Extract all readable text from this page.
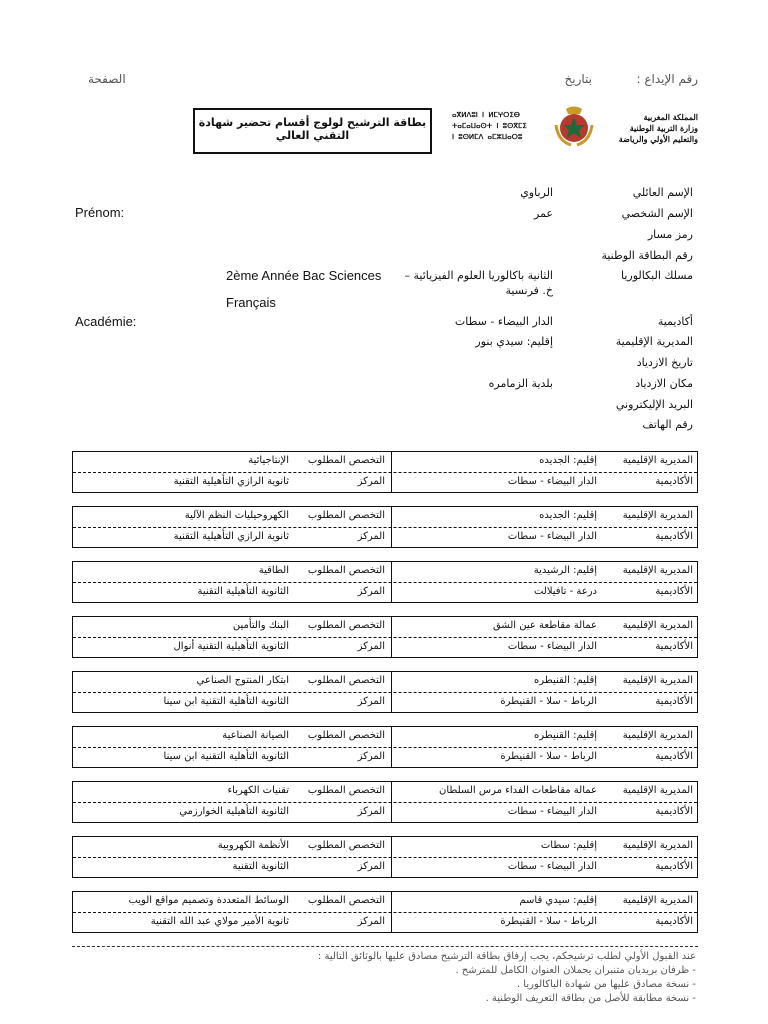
رقم الإيداع :
بتاريخ
الصفحة
بطاقة الترشيح لولوج أقسام تحضير شهادة التقني العالي
ⴰⴳⵍⴷⵓⵏ ⵏ ⵍⵎⵖⵔⵉⴱ
ⵜⴰⵎⴰⵡⴰⵙⵜ ⵏ ⵓⵙⴳⵎⵉ
ⵏ ⵓⵙⵍⵎⴷ ⴰⵎⵣⵡⴰⵔⵓ
المملكة المغربية
وزارة التربية الوطنية
والتعليم الأولي والرياضة
الإسم العائلي
الإسم الشخصي
رمز مسار
رقم البطاقة الوطنية
مسلك البكالوريا
أكاديمية
المديرية الإقليمية
تاريخ الازدياد
مكان الازدياد
البريد الإليكتروني
رقم الهاتف
الرباوي
عمر
الثانية باكالوريا العلوم الفيزيائية – خ. فرنسية
الدار البيضاء - سطات
إقليم: سيدي بنور
بلدية الزمامره
Prénom:
2ème Année Bac Sciences
Français
Académie:
المديرية الإقليمية
إقليم: الجديده
الأكاديمية
الدار البيضاء - سطات
التخصص المطلوب
الإنتاجيائية
المركز
ثانوية الرازي التأهيلية التقنية
المديرية الإقليمية
إقليم: الجديده
الأكاديمية
الدار البيضاء - سطات
التخصص المطلوب
الكهروحيليات النظم الآلية
المركز
ثانوية الرازي التأهيلية التقنية
المديرية الإقليمية
إقليم: الرشيدية
الأكاديمية
درعة - تافيلالت
التخصص المطلوب
الطاقية
المركز
الثانوية التأهيلية التقنية
المديرية الإقليمية
عمالة مقاطعة عين الشق
الأكاديمية
الدار البيضاء - سطات
التخصص المطلوب
البنك والتأمين
المركز
الثانوية التأهيلية التقنية أنوال
المديرية الإقليمية
إقليم: القنيطره
الأكاديمية
الرباط - سلا - القنيطرة
التخصص المطلوب
ابتكار المنتوج الصناعي
المركز
الثانوية التأهلية التقنية ابن سينا
المديرية الإقليمية
إقليم: القنيطره
الأكاديمية
الرباط - سلا - القنيطرة
التخصص المطلوب
الصيانة الصناعية
المركز
الثانوية التأهلية التقنية ابن سينا
المديرية الإقليمية
عمالة مقاطعات الفداء مرس السلطان
الأكاديمية
الدار البيضاء - سطات
التخصص المطلوب
تقنيات الكهرباء
المركز
الثانوية التأهيلية الخوارزمي
المديرية الإقليمية
إقليم: سطات
الأكاديمية
الدار البيضاء - سطات
التخصص المطلوب
الأنظمة الكهروبية
المركز
الثانوية التقنية
المديرية الإقليمية
إقليم: سيدي قاسم
الأكاديمية
الرباط - سلا - القنيطرة
التخصص المطلوب
الوسائط المتعددة وتصميم مواقع الويب
المركز
ثانوية الأمير مولاي عبد الله التقنية
عند القبول الأولي لطلب ترشيحكم، يجب إرفاق بطاقة الترشيح مصادق عليها بالوثائق التالية :
- ظرفان بريديان متنبران يحملان العنوان الكامل للمترشح .
- نسخة مصادق عليها من شهادة الباكالوريا .
- نسخة مطابقة للأصل من بطاقة التعريف الوطنية .
